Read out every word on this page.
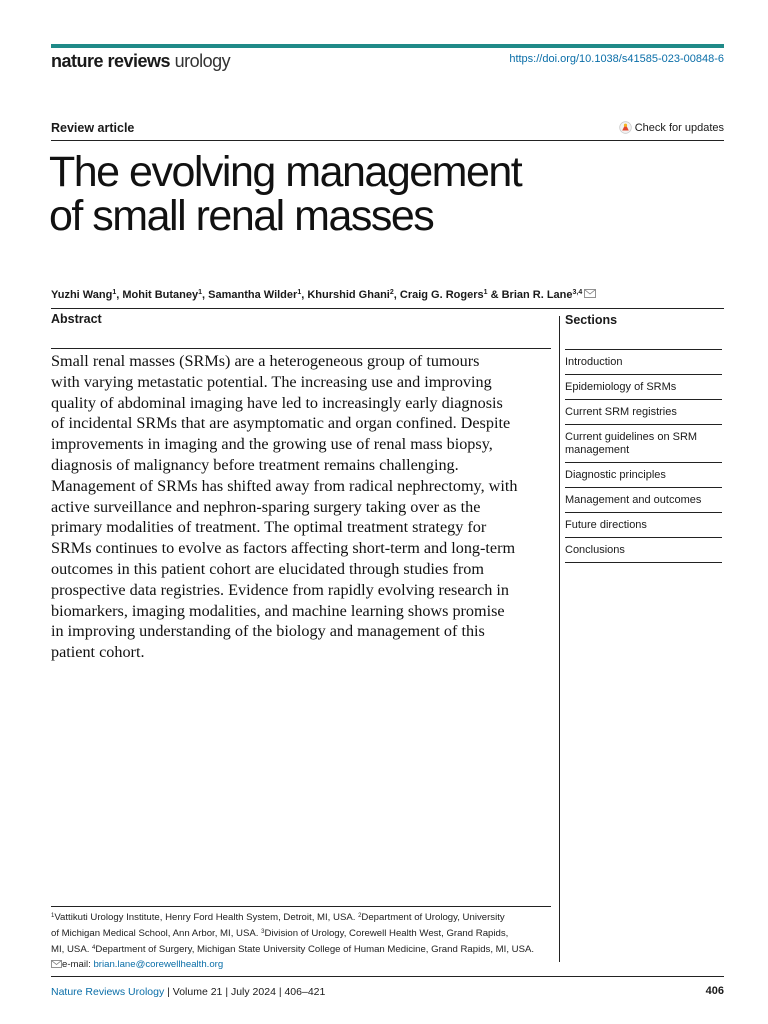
nature reviews urology	https://doi.org/10.1038/s41585-023-00848-6
Review article	Check for updates
The evolving management
of small renal masses
Yuzhi Wang$^1$, Mohit Butaney$^1$, Samantha Wilder$^1$, Khurshid Ghani$^2$, Craig G. Rogers$^1$ & Brian R. Lane$^{3,4}$
Abstract	Sections
Small renal masses (SRMs) are a heterogeneous group of tumours
with varying metastatic potential. The increasing use and improving
quality of abdominal imaging have led to increasingly early diagnosis
of incidental SRMs that are asymptomatic and organ confined. Despite
improvements in imaging and the growing use of renal mass biopsy,
diagnosis of malignancy before treatment remains challenging.
Management of SRMs has shifted away from radical nephrectomy, with
active surveillance and nephron-sparing surgery taking over as the
primary modalities of treatment. The optimal treatment strategy for
SRMs continues to evolve as factors affecting short-term and long-term
outcomes in this patient cohort are elucidated through studies from
prospective data registries. Evidence from rapidly evolving research in
biomarkers, imaging modalities, and machine learning shows promise
in improving understanding of the biology and management of this
patient cohort.
Introduction
Epidemiology of SRMs
Current SRM registries
Current guidelines on SRM management
Diagnostic principles
Management and outcomes
Future directions
Conclusions
$^1$Vattikuti Urology Institute, Henry Ford Health System, Detroit, MI, USA. $^2$Department of Urology, University
of Michigan Medical School, Ann Arbor, MI, USA. $^3$Division of Urology, Corewell Health West, Grand Rapids,
MI, USA. $^4$Department of Surgery, Michigan State University College of Human Medicine, Grand Rapids, MI, USA.
e-mail: brian.lane@corewellhealth.org
Nature Reviews Urology | Volume 21 | July 2024 | 406–421	406
